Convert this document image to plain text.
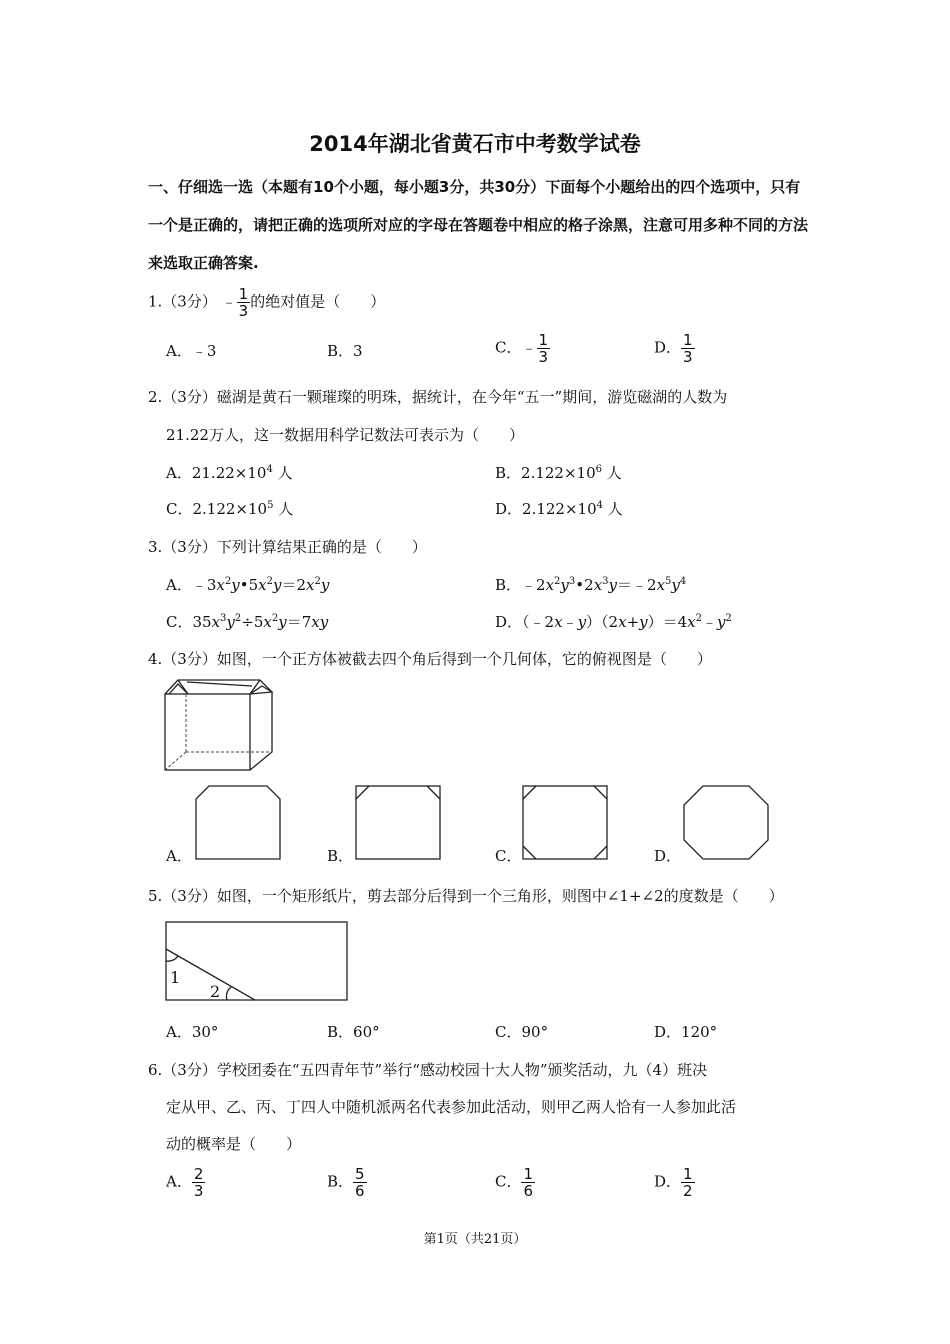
2014年湖北省黄石市中考数学试卷
一、仔细选一选（本题有10个小题，每小题3分，共30分）下面每个小题给出的四个选项中，只有一个是正确的，请把正确的选项所对应的字母在答题卷中相应的格子涂黑，注意可用多种不同的方法来选取正确答案.
1.（3分） ﹣ $\frac{1}{3}$ 的绝对值是（　　）
A．﹣3	B．3	C．﹣ $\frac{1}{3}$	D． $\frac{1}{3}$
2.（3分）磁湖是黄石一颗璀璨的明珠，据统计，在今年“五一”期间，游览磁湖的人数为
21.22万人，这一数据用科学记数法可表示为（　　）
A．$21.22\times 10^4$ 人	B．$2.122\times 10^6$ 人
C．$2.122\times 10^5$ 人	D．$2.122\times 10^4$ 人
3.（3分）下列计算结果正确的是（　　）
A．$﹣3x^2y•5x^2y=2x^2y$	B．$﹣2x^2y^3•2x^3y=﹣2x^5y^4$
C．$35x^3y^2\div 5x^2y=7xy$	D．$(﹣2x﹣y)(2x+y)=4x^2﹣y^2$
4.（3分）如图，一个正方体被截去四个角后得到一个几何体，它的俯视图是（　　）
A．	B．	C．	D．
5.（3分）如图，一个矩形纸片，剪去部分后得到一个三角形，则图中∠1+∠2的度数是（　　）
1
2
A．30°	B．60°	C．90°	D．120°
6.（3分）学校团委在“五四青年节”举行“感动校园十大人物”颁奖活动，九（4）班决
定从甲、乙、丙、丁四人中随机派两名代表参加此活动，则甲乙两人恰有一人参加此活
动的概率是（　　）
A． $\frac{2}{3}$	B． $\frac{5}{6}$	C． $\frac{1}{6}$	D． $\frac{1}{2}$
第1页（共21页）
